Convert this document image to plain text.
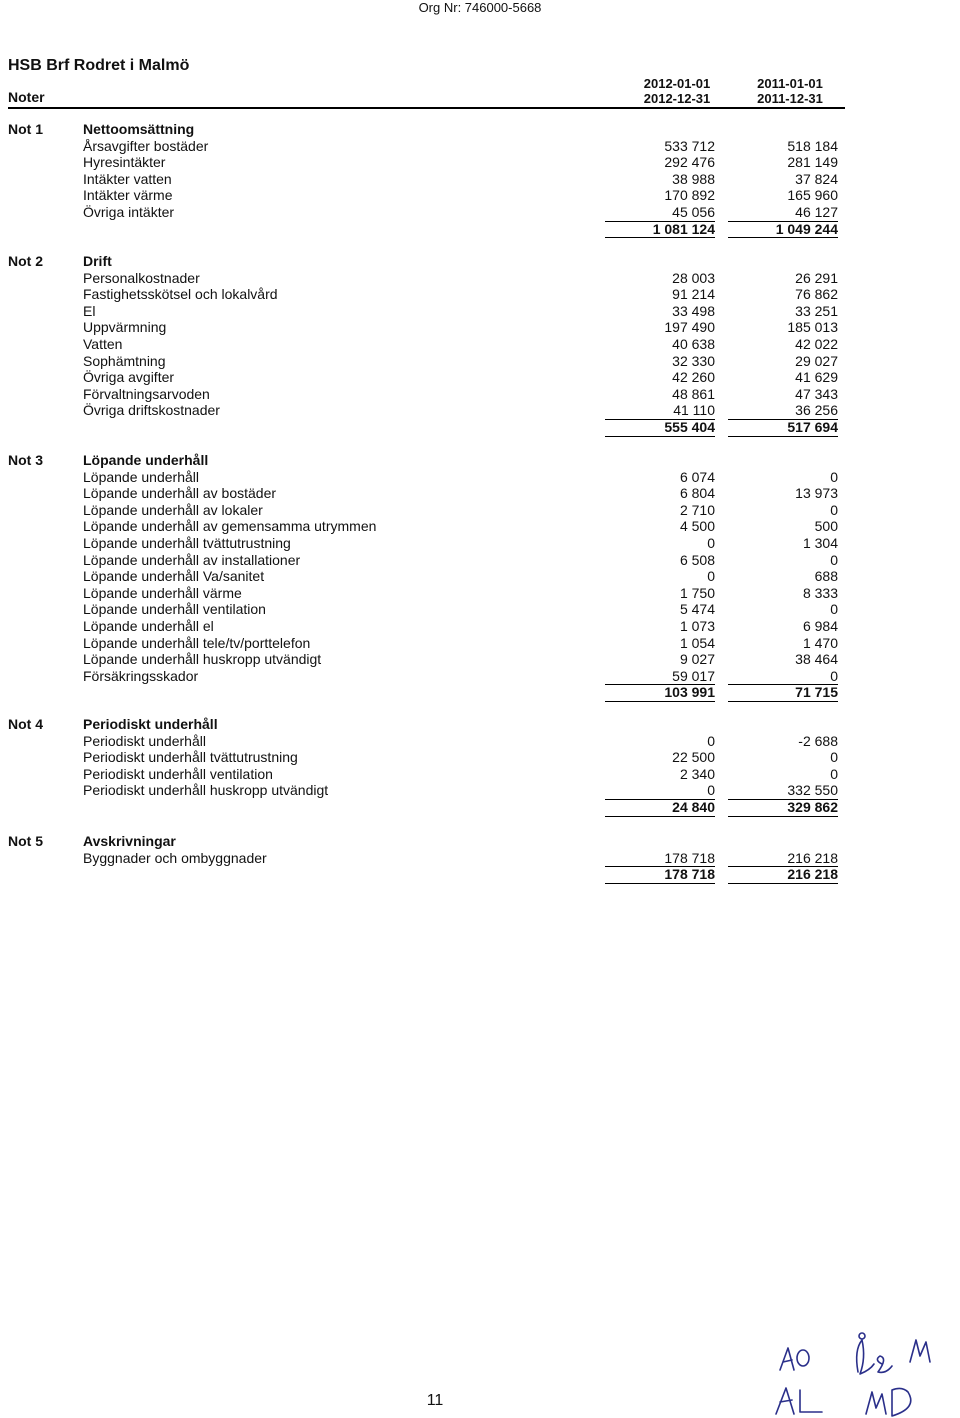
Org Nr: 746000-5668
HSB Brf Rodret i Malmö
Noter
2012-01-01
2012-12-31
2011-01-01
2011-12-31
Not 1	Nettoomsättning
Årsavgifter bostäder	533 712	518 184
Hyresintäkter	292 476	281 149
Intäkter vatten	38 988	37 824
Intäkter värme	170 892	165 960
Övriga intäkter	45 056	46 127
1 081 124	1 049 244
Not 2	Drift
Personalkostnader	28 003	26 291
Fastighetsskötsel och lokalvård	91 214	76 862
El	33 498	33 251
Uppvärmning	197 490	185 013
Vatten	40 638	42 022
Sophämtning	32 330	29 027
Övriga avgifter	42 260	41 629
Förvaltningsarvoden	48 861	47 343
Övriga driftskostnader	41 110	36 256
555 404	517 694
Not 3	Löpande underhåll
Löpande underhåll	6 074	0
Löpande underhåll av bostäder	6 804	13 973
Löpande underhåll av lokaler	2 710	0
Löpande underhåll av gemensamma utrymmen	4 500	500
Löpande underhåll tvättutrustning	0	1 304
Löpande underhåll av installationer	6 508	0
Löpande underhåll Va/sanitet	0	688
Löpande underhåll värme	1 750	8 333
Löpande underhåll ventilation	5 474	0
Löpande underhåll el	1 073	6 984
Löpande underhåll tele/tv/porttelefon	1 054	1 470
Löpande underhåll huskropp utvändigt	9 027	38 464
Försäkringsskador	59 017	0
103 991	71 715
Not 4	Periodiskt underhåll
Periodiskt underhåll	0	-2 688
Periodiskt underhåll tvättutrustning	22 500	0
Periodiskt underhåll ventilation	2 340	0
Periodiskt underhåll huskropp utvändigt	0	332 550
24 840	329 862
Not 5	Avskrivningar
Byggnader och ombyggnader	178 718	216 218
178 718	216 218
11
